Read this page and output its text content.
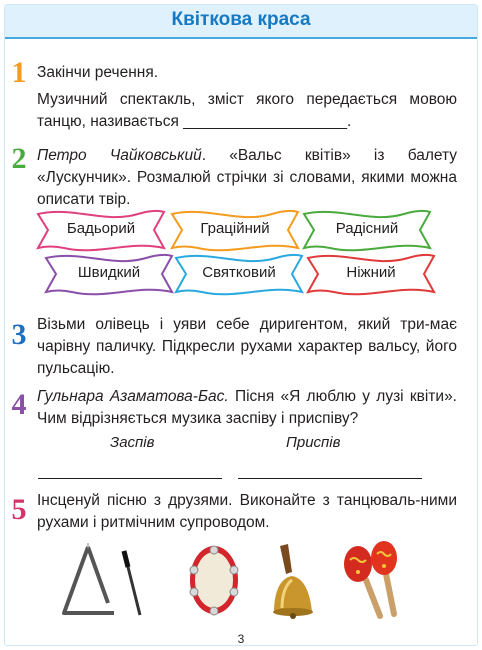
Квіткова краса
1 Закінчи речення.
Музичний спектакль, зміст якого передається мовою танцю, називається ___________________.
2 Петро Чайковський. «Вальс квітів» із балету «Лускунчик». Розмалюй стрічки зі словами, якими можна описати твір.
Бадьорий	Граційний	Радісний
Швидкий	Святковий	Ніжний
3 Візьми олівець і уяви себе диригентом, який три-має чарівну паличку. Підкресли рухами характер вальсу, його пульсацію.
4 Гульнара Азаматова-Бас. Пісня «Я люблю у лузі квіти». Чим відрізняється музика заспіву і приспіву?
Заспів	Приспів
5 Інсценуй пісню з друзями. Виконайте з танцюваль-ними рухами і ритмічним супроводом.
3
